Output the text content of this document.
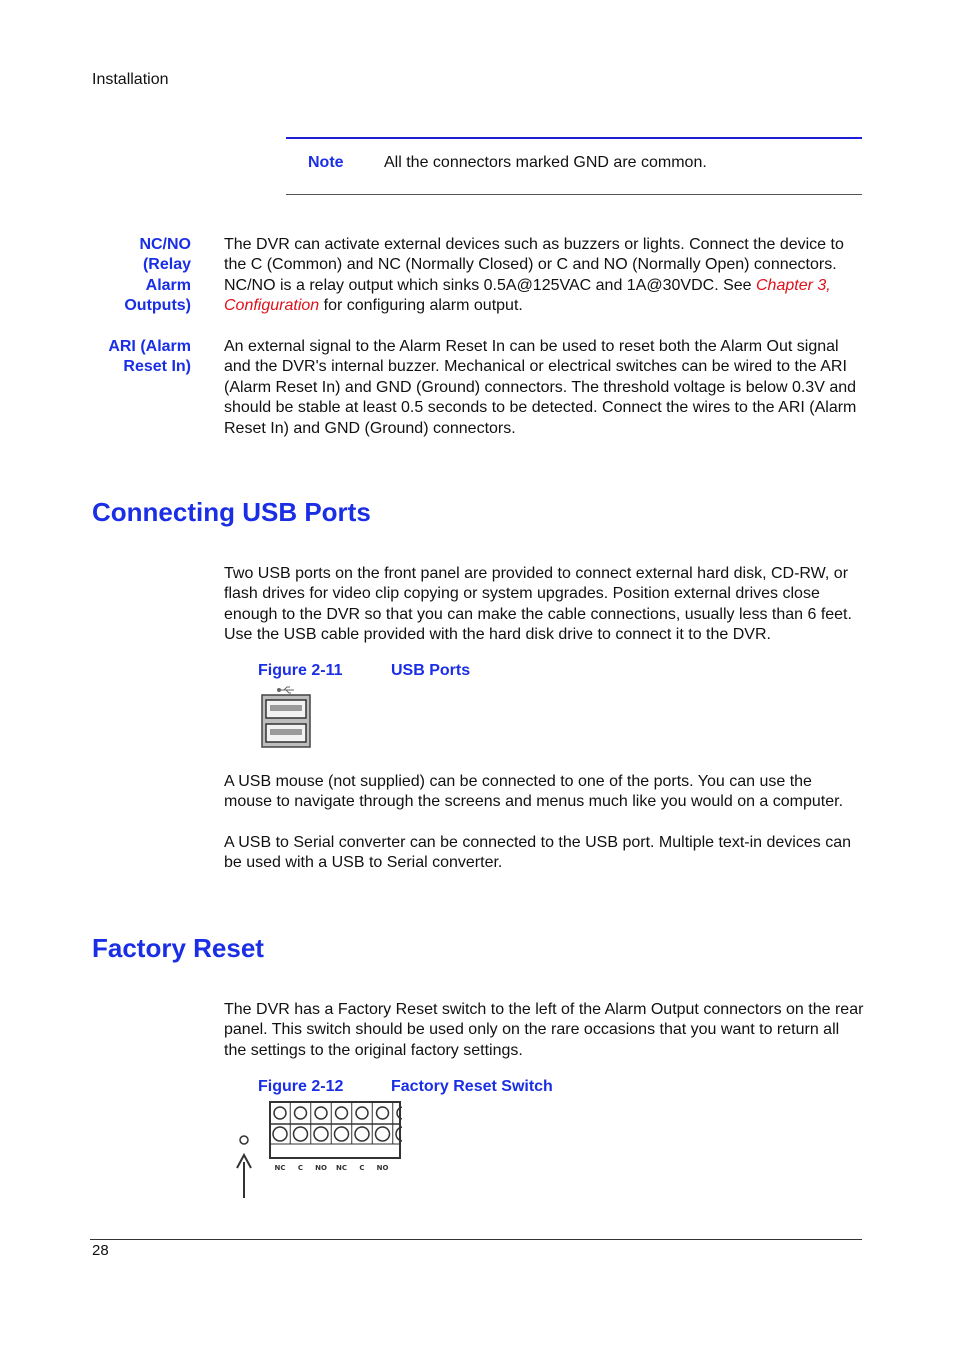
Installation
Note	All the connectors marked GND are common.
NC/NO
(Relay
Alarm
Outputs)
The DVR can activate external devices such as buzzers or lights. Connect the device to the C (Common) and NC (Normally Closed) or C and NO (Normally Open) connectors. NC/NO is a relay output which sinks 0.5A@125VAC and 1A@30VDC. See Chapter 3, Configuration for configuring alarm output.
ARI (Alarm
Reset In)
An external signal to the Alarm Reset In can be used to reset both the Alarm Out signal and the DVR's internal buzzer. Mechanical or electrical switches can be wired to the ARI (Alarm Reset In) and GND (Ground) connectors. The threshold voltage is below 0.3V and should be stable at least 0.5 seconds to be detected. Connect the wires to the ARI (Alarm Reset In) and GND (Ground) connectors.
Connecting USB Ports
Two USB ports on the front panel are provided to connect external hard disk, CD-RW, or flash drives for video clip copying or system upgrades. Position external drives close enough to the DVR so that you can make the cable connections, usually less than 6 feet. Use the USB cable provided with the hard disk drive to connect it to the DVR.
Figure 2-11	USB Ports
A USB mouse (not supplied) can be connected to one of the ports. You can use the mouse to navigate through the screens and menus much like you would on a computer.
A USB to Serial converter can be connected to the USB port. Multiple text-in devices can be used with a USB to Serial converter.
Factory Reset
The DVR has a Factory Reset switch to the left of the Alarm Output connectors on the rear panel. This switch should be used only on the rare occasions that you want to return all the settings to the original factory settings.
Figure 2-12	Factory Reset Switch
NC C NO NC C NO
28
